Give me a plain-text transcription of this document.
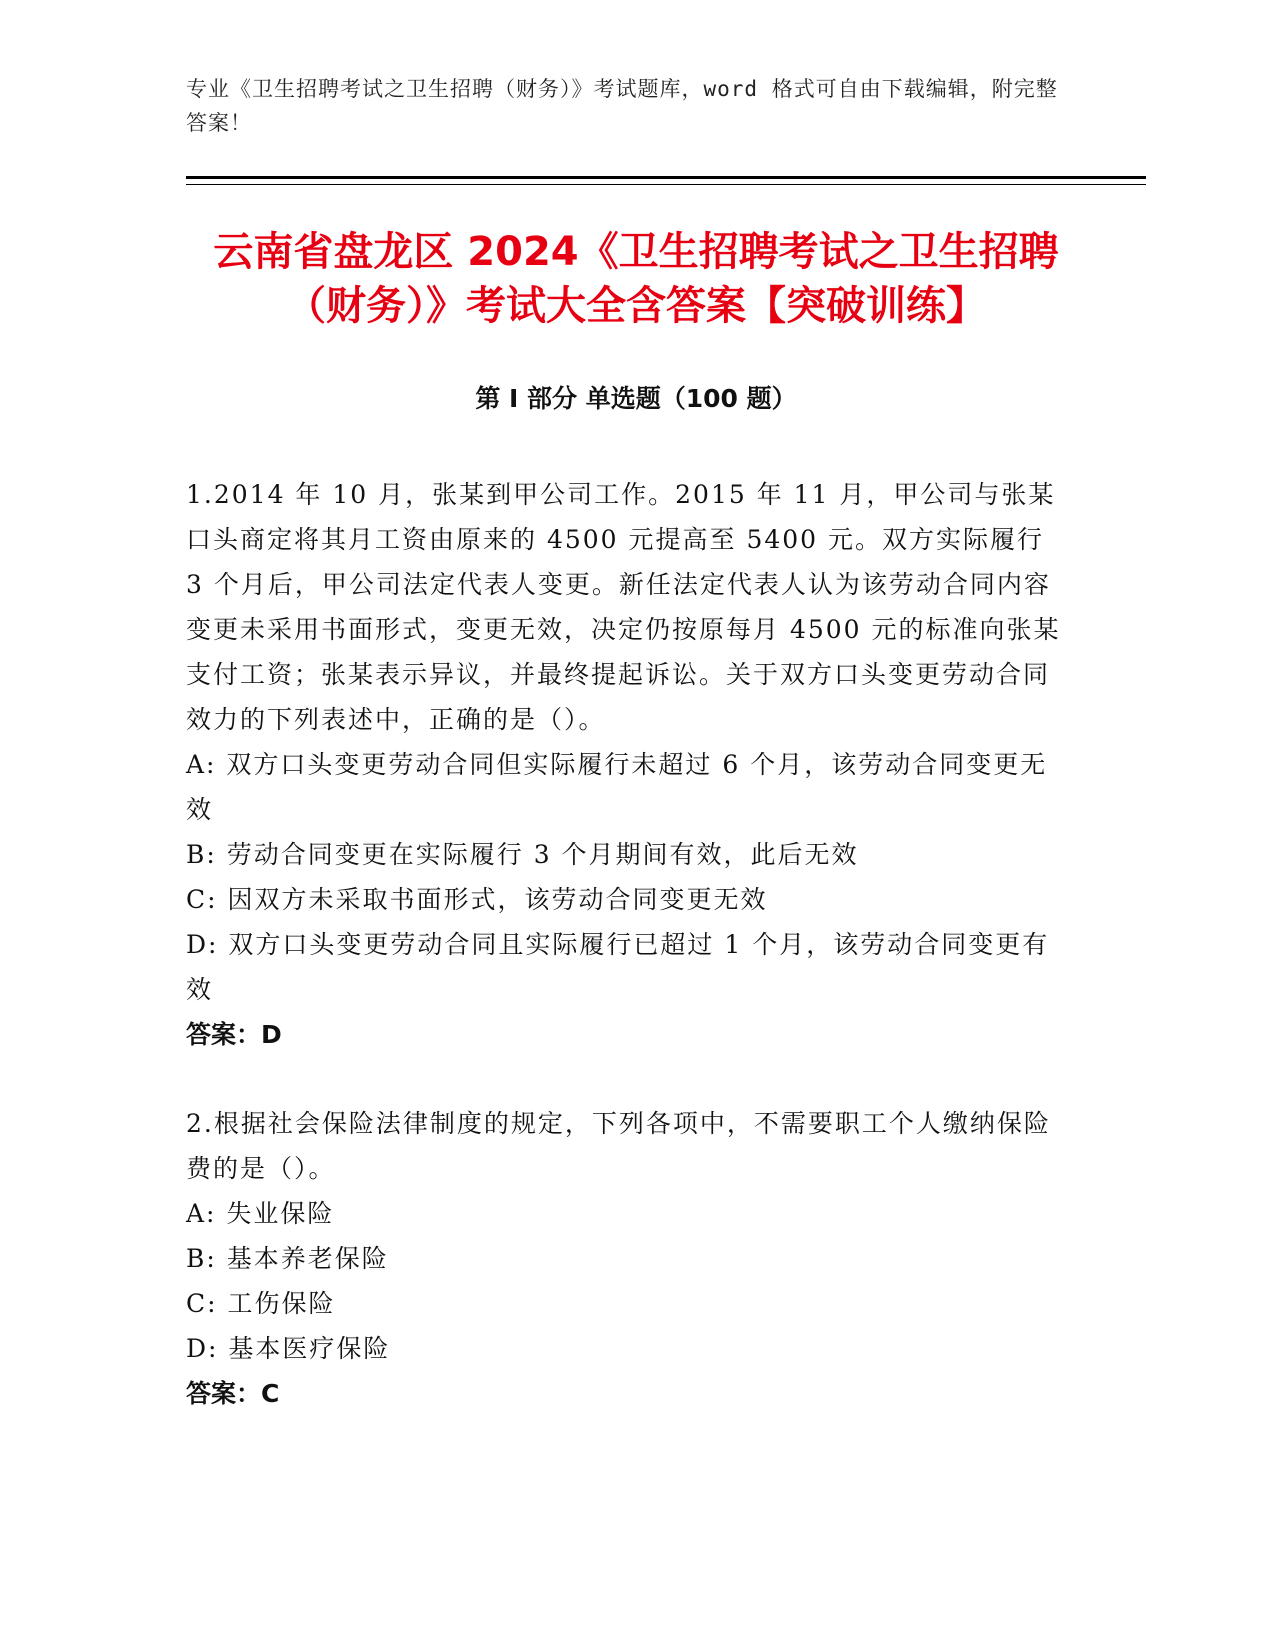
专业《卫生招聘考试之卫生招聘（财务）》考试题库，word 格式可自由下载编辑，附完整答案！
云南省盘龙区 2024《卫生招聘考试之卫生招聘（财务）》考试大全含答案【突破训练】
第 I 部分 单选题（100 题）

1.2014 年 10 月，张某到甲公司工作。2015 年 11 月，甲公司与张某口头商定将其月工资由原来的 4500 元提高至 5400 元。双方实际履行 3 个月后，甲公司法定代表人变更。新任法定代表人认为该劳动合同内容变更未采用书面形式，变更无效，决定仍按原每月 4500 元的标准向张某支付工资；张某表示异议，并最终提起诉讼。关于双方口头变更劳动合同效力的下列表述中，正确的是（）。

A: 双方口头变更劳动合同但实际履行未超过 6 个月，该劳动合同变更无效

B: 劳动合同变更在实际履行 3 个月期间有效，此后无效

C: 因双方未采取书面形式，该劳动合同变更无效

D: 双方口头变更劳动合同且实际履行已超过 1 个月，该劳动合同变更有效

答案：D

2.根据社会保险法律制度的规定，下列各项中，不需要职工个人缴纳保险费的是（）。

A: 失业保险

B: 基本养老保险

C: 工伤保险

D: 基本医疗保险

答案：C
